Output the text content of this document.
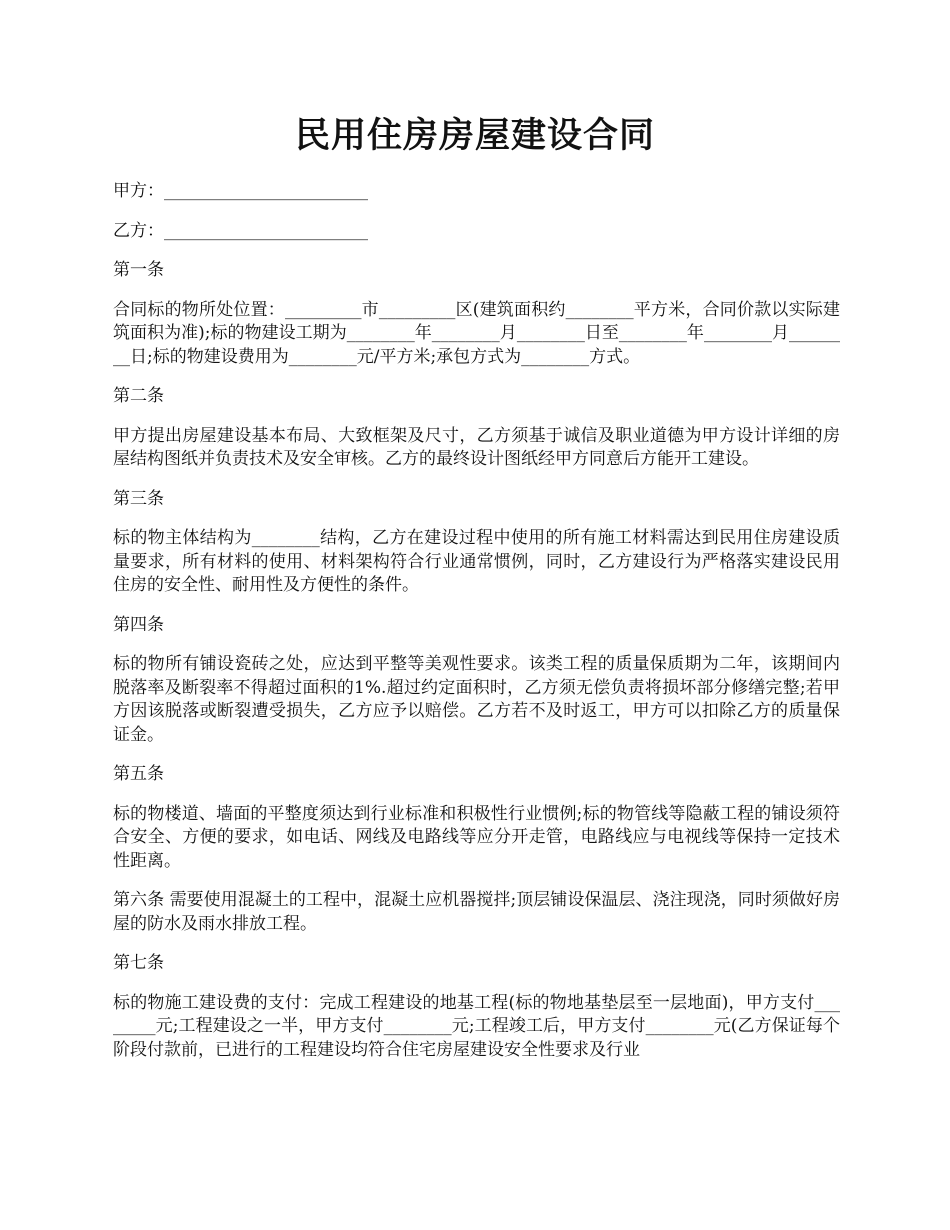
民用住房房屋建设合同

甲方：________________________

乙方：________________________

第一条

合同标的物所处位置：_________市_________区(建筑面积约________平方米，合同价款以实际建筑面积为准);标的物建设工期为________年________月________日至________年________月________日;标的物建设费用为________元/平方米;承包方式为________方式。

第二条

甲方提出房屋建设基本布局、大致框架及尺寸，乙方须基于诚信及职业道德为甲方设计详细的房屋结构图纸并负责技术及安全审核。乙方的最终设计图纸经甲方同意后方能开工建设。

第三条

标的物主体结构为________结构，乙方在建设过程中使用的所有施工材料需达到民用住房建设质量要求，所有材料的使用、材料架构符合行业通常惯例，同时，乙方建设行为严格落实建设民用住房的安全性、耐用性及方便性的条件。

第四条

标的物所有铺设瓷砖之处，应达到平整等美观性要求。该类工程的质量保质期为二年，该期间内脱落率及断裂率不得超过面积的1%.超过约定面积时，乙方须无偿负责将损坏部分修缮完整;若甲方因该脱落或断裂遭受损失，乙方应予以赔偿。乙方若不及时返工，甲方可以扣除乙方的质量保证金。

第五条

标的物楼道、墙面的平整度须达到行业标准和积极性行业惯例;标的物管线等隐蔽工程的铺设须符合安全、方便的要求，如电话、网线及电路线等应分开走管，电路线应与电视线等保持一定技术性距离。

第六条 需要使用混凝土的工程中，混凝土应机器搅拌;顶层铺设保温层、浇注现浇，同时须做好房屋的防水及雨水排放工程。

第七条

标的物施工建设费的支付：完成工程建设的地基工程(标的物地基垫层至一层地面)，甲方支付________元;工程建设之一半，甲方支付________元;工程竣工后，甲方支付________元(乙方保证每个阶段付款前，已进行的工程建设均符合住宅房屋建设安全性要求及行业
